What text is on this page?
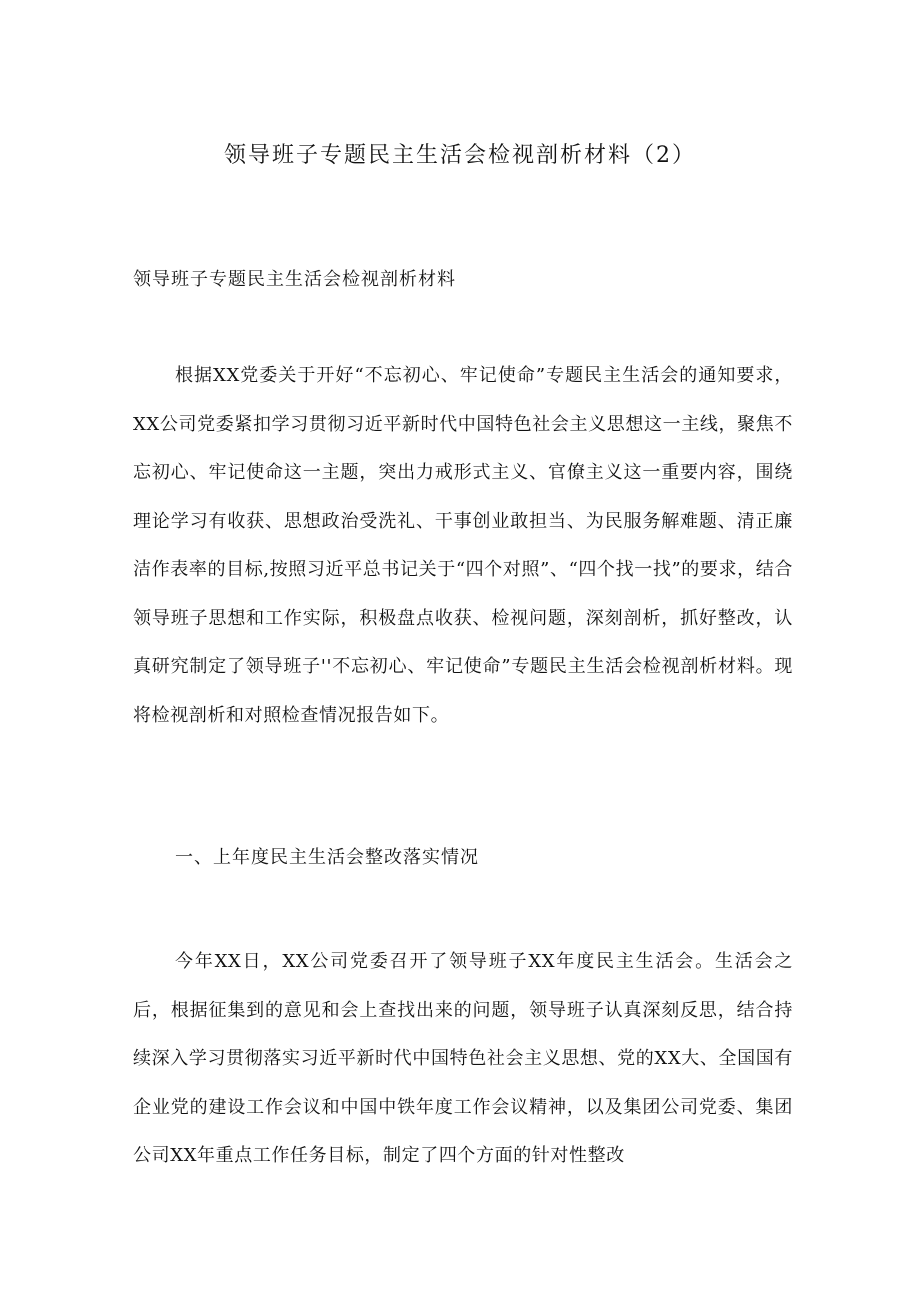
领导班子专题民主生活会检视剖析材料（2）
领导班子专题民主生活会检视剖析材料

根据XX党委关于开好“不忘初心、牢记使命”专题民主生活会的通知要求，XX公司党委紧扣学习贯彻习近平新时代中国特色社会主义思想这一主线，聚焦不忘初心、牢记使命这一主题，突出力戒形式主义、官僚主义这一重要内容，围绕理论学习有收获、思想政治受洗礼、干事创业敢担当、为民服务解难题、清正廉洁作表率的目标,按照习近平总书记关于“四个对照”、“四个找一找”的要求，结合领导班子思想和工作实际，积极盘点收获、检视问题，深刻剖析，抓好整改，认真研究制定了领导班子''不忘初心、牢记使命”专题民主生活会检视剖析材料。现将检视剖析和对照检查情况报告如下。

一、上年度民主生活会整改落实情况

今年XX日，XX公司党委召开了领导班子XX年度民主生活会。生活会之后，根据征集到的意见和会上查找出来的问题，领导班子认真深刻反思，结合持续深入学习贯彻落实习近平新时代中国特色社会主义思想、党的XX大、全国国有企业党的建设工作会议和中国中铁年度工作会议精神，以及集团公司党委、集团公司XX年重点工作任务目标，制定了四个方面的针对性整改
